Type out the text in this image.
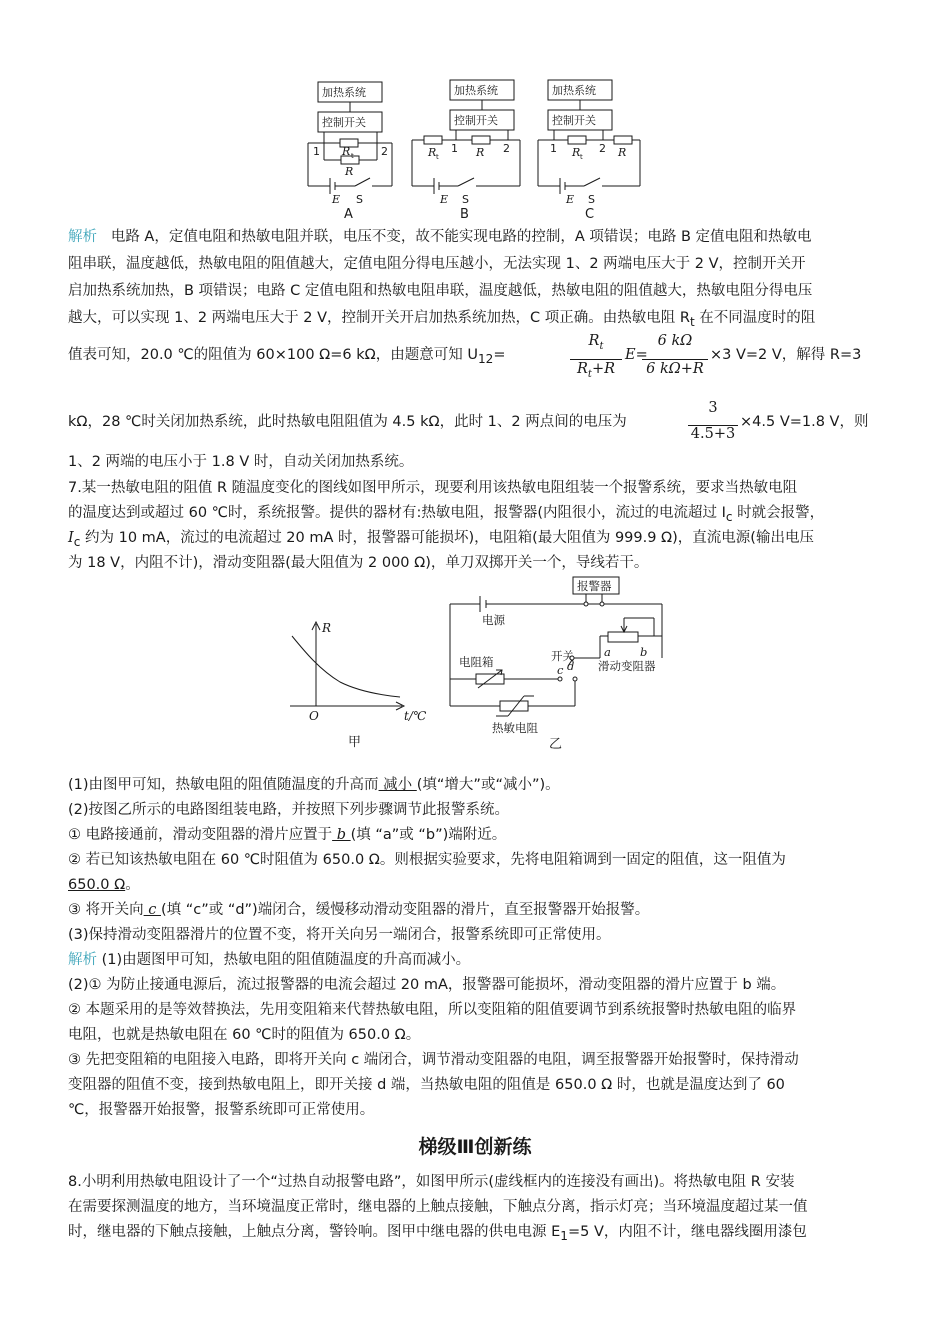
加热系统
控制开关
1	2
R t
R
E S
加热系统
控制开关
R t
1 R 2
E S
加热系统
控制开关
1 R t
2 R
E S
A	B	C
解析 电路 A，定值电阻和热敏电阻并联，电压不变，故不能实现电路的控制，A 项错误；电路 B 定值电阻和热敏电
阻串联，温度越低，热敏电阻的阻值越大，定值电阻分得电压越小，无法实现 1、2 两端电压大于 2 V，控制开关开
启加热系统加热，B 项错误；电路 C 定值电阻和热敏电阻串联，温度越低，热敏电阻的阻值越大，热敏电阻分得电压
越大，可以实现 1、2 两端电压大于 2 V，控制开关开启加热系统加热，C 项正确。由热敏电阻 $R_t$ 在不同温度时的阻
值表可知，20.0 ℃的阻值为 60×100 Ω=6 kΩ，由题意可知 $U_{12}=$
$R_t$
$R_t+R$
E=
6 kΩ
6 kΩ+R
×3 V=2 V，解得 R=3
kΩ，28 ℃时关闭加热系统，此时热敏电阻阻值为 4.5 kΩ，此时 1、2 两点间的电压为
3
4.5+3
×4.5 V=1.8 V，则
1、2 两端的电压小于 1.8 V 时，自动关闭加热系统。
7.某一热敏电阻的阻值 R 随温度变化的图线如图甲所示，现要利用该热敏电阻组装一个报警系统，要求当热敏电阻
的温度达到或超过 60 ℃时，系统报警。提供的器材有:热敏电阻，报警器(内阻很小，流过的电流超过 $I_c$ 时就会报警，
$I_c$ 约为 10 mA，流过的电流超过 20 mA 时，报警器可能损坏)，电阻箱(最大阻值为 999.9 Ω)，直流电源(输出电压
为 18 V，内阻不计)，滑动变阻器(最大阻值为 2 000 Ω)，单刀双掷开关一个，导线若干。
R
O	t/℃
甲
报警器
电源
开关
c d
a	b
电阻箱	滑动变阻器
热敏电阻
乙
(1)由图甲可知，热敏电阻的阻值随温度的升高而 减小 (填“增大”或“减小”)。
(2)按图乙所示的电路图组装电路，并按照下列步骤调节此报警系统。
① 电路接通前，滑动变阻器的滑片应置于 b (填 “a”或 “b”)端附近。
② 若已知该热敏电阻在 60 ℃时阻值为 650.0 Ω。则根据实验要求，先将电阻箱调到一固定的阻值，这一阻值为
650.0 Ω。
③ 将开关向 c (填 “c”或 “d”)端闭合，缓慢移动滑动变阻器的滑片，直至报警器开始报警。
(3)保持滑动变阻器滑片的位置不变，将开关向另一端闭合，报警系统即可正常使用。
解析 (1)由题图甲可知，热敏电阻的阻值随温度的升高而减小。
(2)① 为防止接通电源后，流过报警器的电流会超过 20 mA，报警器可能损坏，滑动变阻器的滑片应置于 b 端。
② 本题采用的是等效替换法，先用变阻箱来代替热敏电阻，所以变阻箱的阻值要调节到系统报警时热敏电阻的临界
电阻，也就是热敏电阻在 60 ℃时的阻值为 650.0 Ω。
③ 先把变阻箱的电阻接入电路，即将开关向 c 端闭合，调节滑动变阻器的电阻，调至报警器开始报警时，保持滑动
变阻器的阻值不变，接到热敏电阻上，即开关接 d 端，当热敏电阻的阻值是 650.0 Ω 时，也就是温度达到了 60
℃，报警器开始报警，报警系统即可正常使用。
梯级Ⅲ创新练
8.小明利用热敏电阻设计了一个“过热自动报警电路”，如图甲所示(虚线框内的连接没有画出)。将热敏电阻 R 安装
在需要探测温度的地方，当环境温度正常时，继电器的上触点接触，下触点分离，指示灯亮；当环境温度超过某一值
时，继电器的下触点接触，上触点分离，警铃响。图甲中继电器的供电电源 $E_1=5$ V，内阻不计，继电器线圈用漆包
